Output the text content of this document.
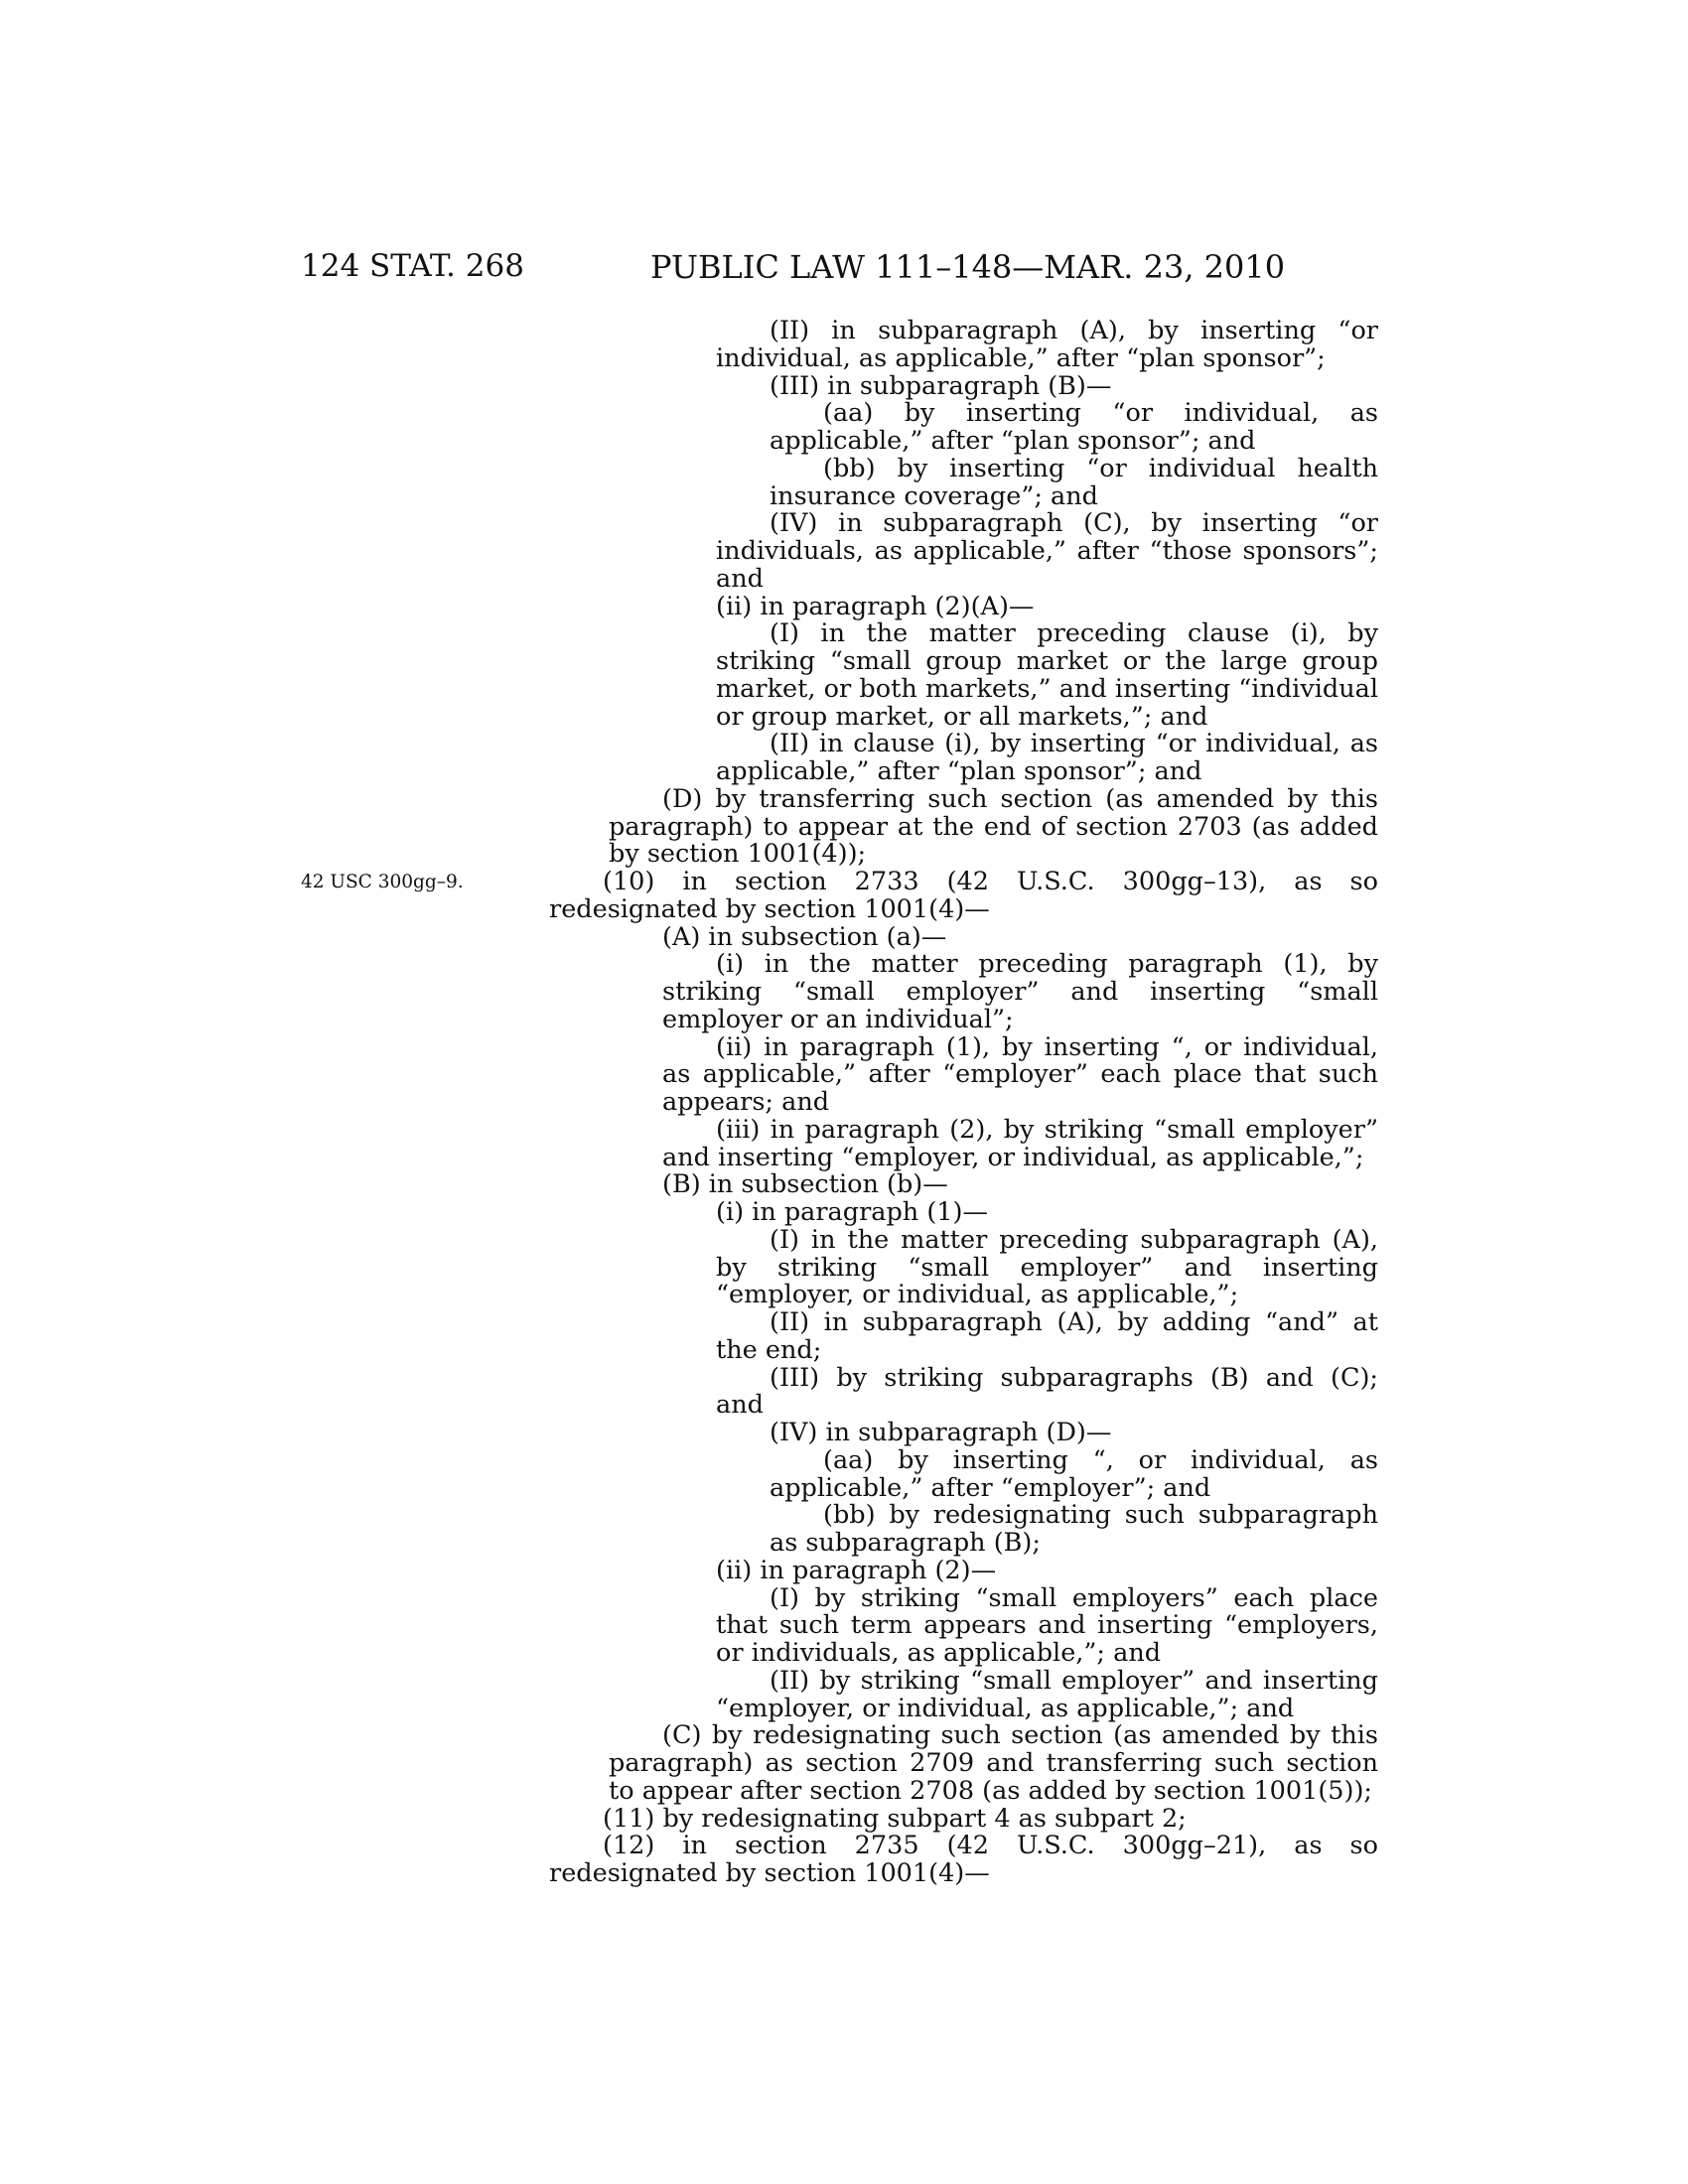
124 STAT. 268	PUBLIC LAW 111–148—MAR. 23, 2010
42 USC 300gg–9.

(II) in subparagraph (A), by inserting “or individual, as applicable,” after “plan sponsor”;

(III) in subparagraph (B)—

(aa) by inserting “or individual, as applicable,” after “plan sponsor”; and

(bb) by inserting “or individual health insurance coverage”; and

(IV) in subparagraph (C), by inserting “or individuals, as applicable,” after “those sponsors”; and

(ii) in paragraph (2)(A)—

(I) in the matter preceding clause (i), by striking “small group market or the large group market, or both markets,” and inserting “individual or group market, or all markets,”; and

(II) in clause (i), by inserting “or individual, as applicable,” after “plan sponsor”; and

(D) by transferring such section (as amended by this paragraph) to appear at the end of section 2703 (as added by section 1001(4));

(10) in section 2733 (42 U.S.C. 300gg–13), as so redesignated by section 1001(4)—

(A) in subsection (a)—

(i) in the matter preceding paragraph (1), by striking “small employer” and inserting “small employer or an individual”;

(ii) in paragraph (1), by inserting “, or individual, as applicable,” after “employer” each place that such appears; and

(iii) in paragraph (2), by striking “small employer” and inserting “employer, or individual, as applicable,”;

(B) in subsection (b)—

(i) in paragraph (1)—

(I) in the matter preceding subparagraph (A), by striking “small employer” and inserting “employer, or individual, as applicable,”;

(II) in subparagraph (A), by adding “and” at the end;

(III) by striking subparagraphs (B) and (C); and

(IV) in subparagraph (D)—

(aa) by inserting “, or individual, as applicable,” after “employer”; and

(bb) by redesignating such subparagraph as subparagraph (B);

(ii) in paragraph (2)—

(I) by striking “small employers” each place that such term appears and inserting “employers, or individuals, as applicable,”; and

(II) by striking “small employer” and inserting “employer, or individual, as applicable,”; and

(C) by redesignating such section (as amended by this paragraph) as section 2709 and transferring such section to appear after section 2708 (as added by section 1001(5));

(11) by redesignating subpart 4 as subpart 2;

(12) in section 2735 (42 U.S.C. 300gg–21), as so redesignated by section 1001(4)—
